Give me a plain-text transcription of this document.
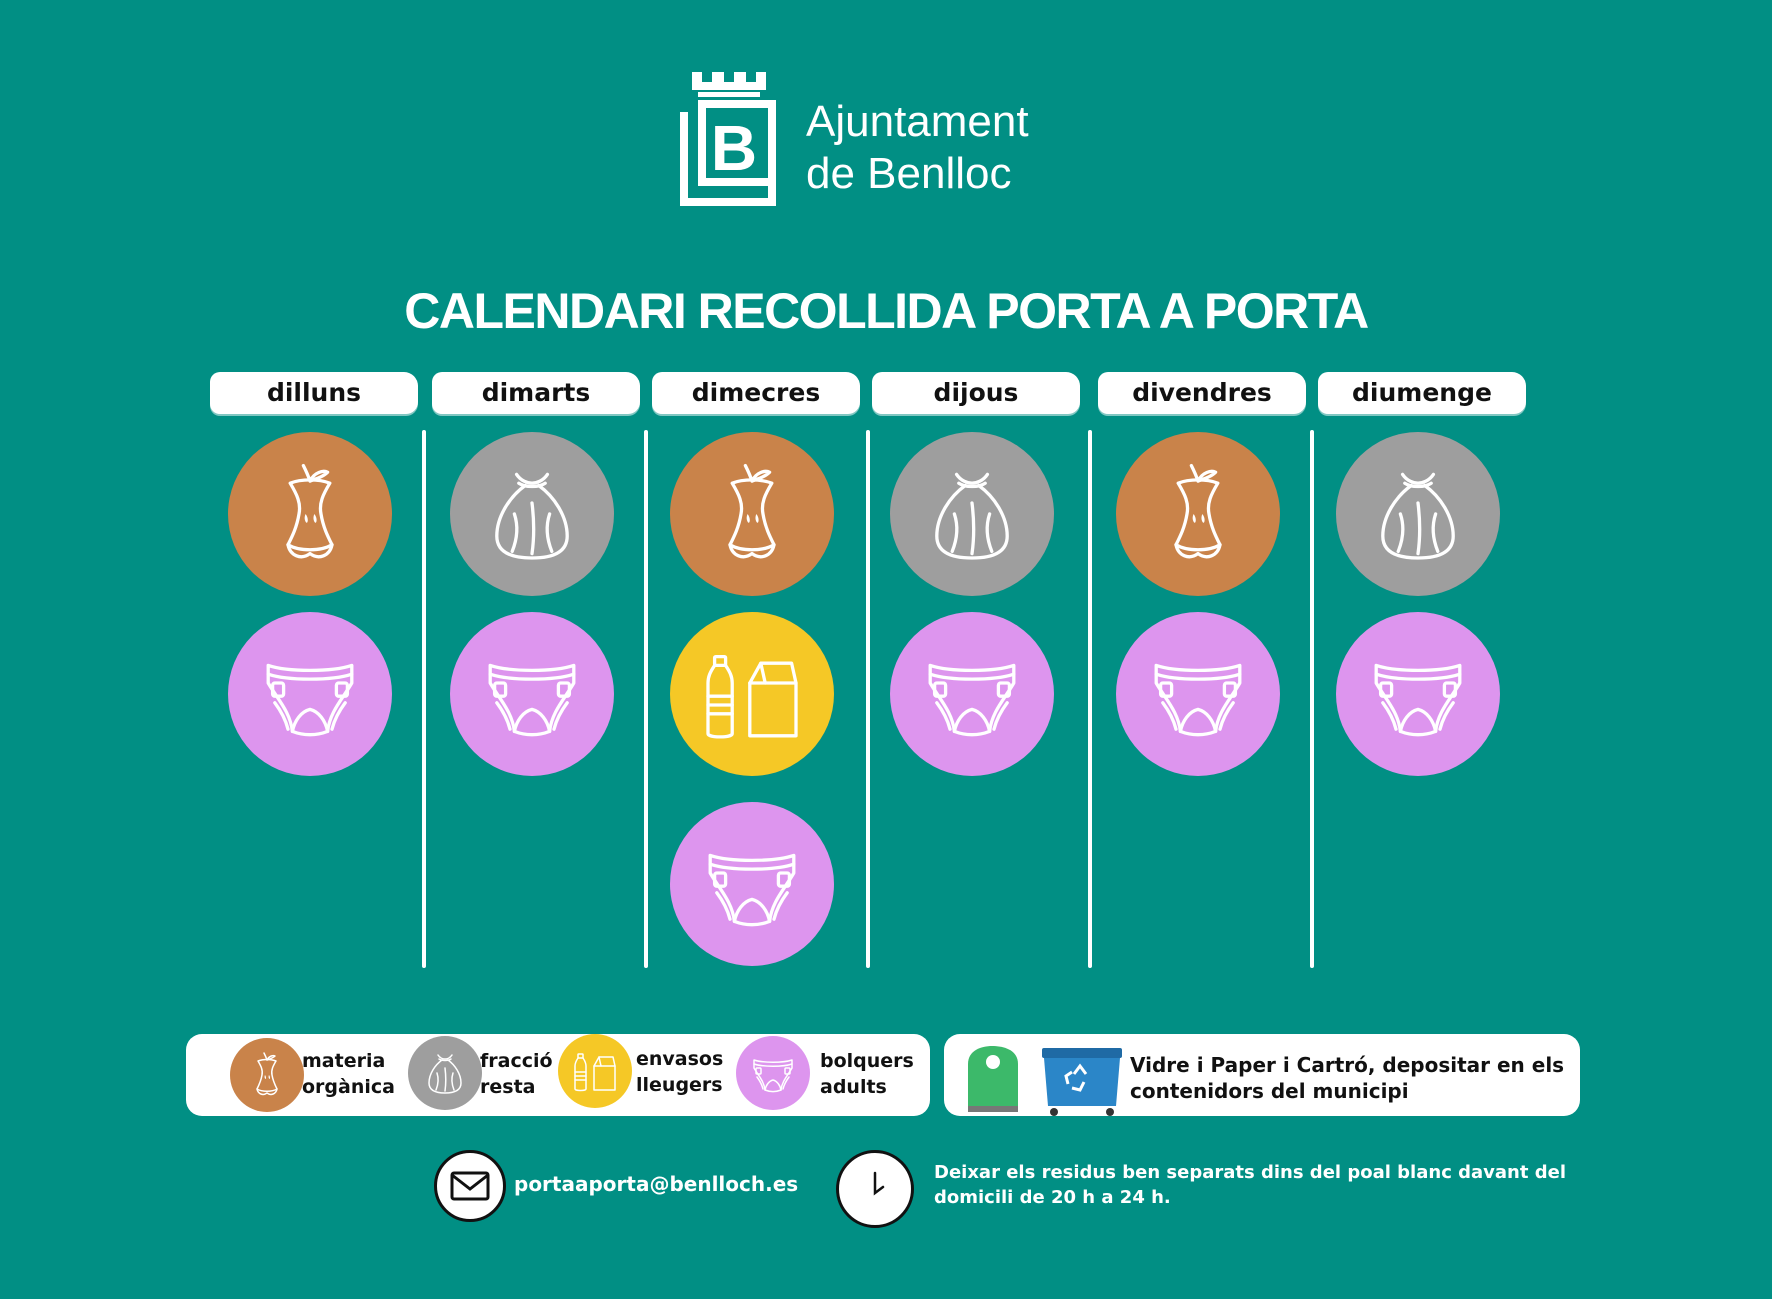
B Ajuntament
de Benlloc
CALENDARI RECOLLIDA PORTA A PORTA
dilluns	dimarts	dimecres	dijous	divendres	diumenge
materia
orgànica
fracció
resta
envasos
lleugers
bolquers
adults
Vidre i Paper i Cartró, depositar en els contenidors del municipi
portaaporta@benlloch.es	Deixar els residus ben separats dins del poal blanc davant del domicili de 20 h a 24 h.
